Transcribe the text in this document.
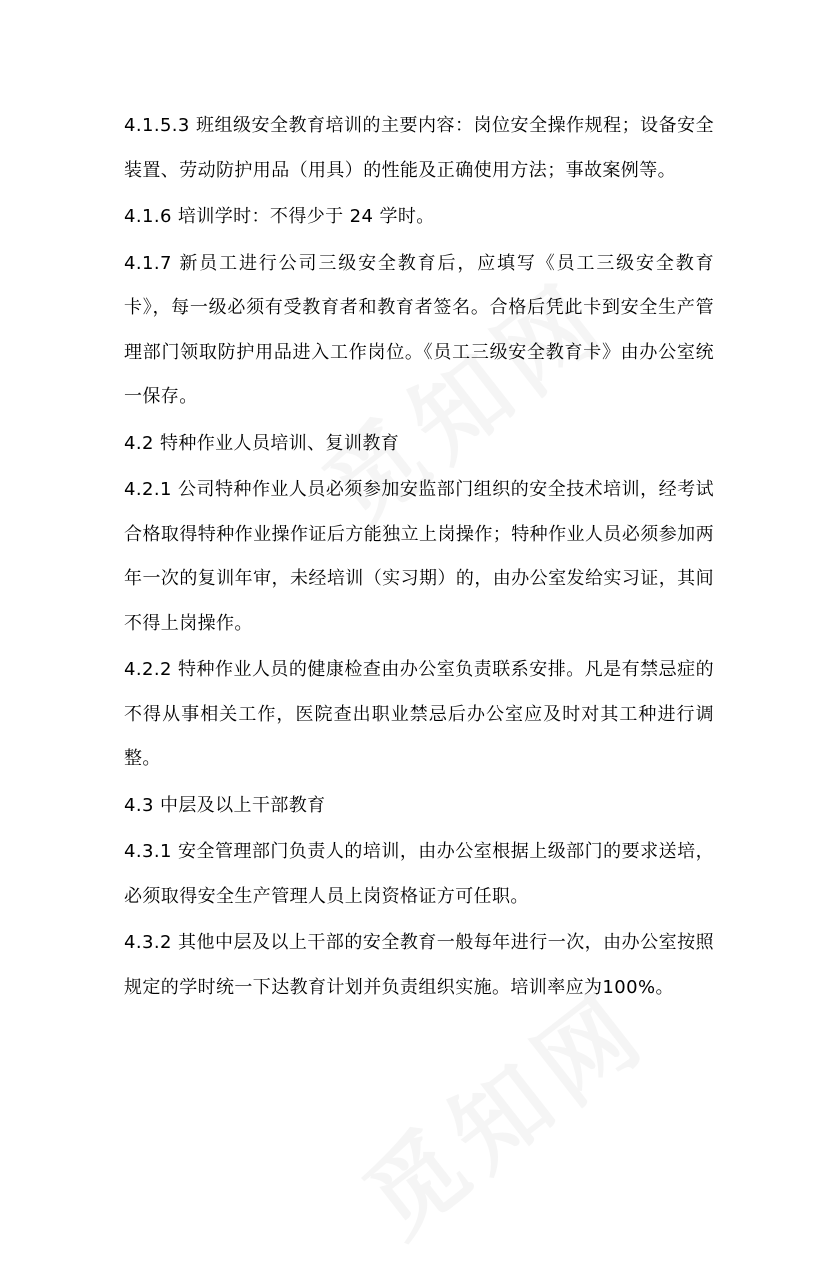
4.1.5.3 班组级安全教育培训的主要内容：岗位安全操作规程；设备安全装置、劳动防护用品（用具）的性能及正确使用方法；事故案例等。

4.1.6 培训学时：不得少于 24 学时。

4.1.7 新员工进行公司三级安全教育后，应填写《员工三级安全教育卡》，每一级必须有受教育者和教育者签名。合格后凭此卡到安全生产管理部门领取防护用品进入工作岗位。《员工三级安全教育卡》由办公室统一保存。

4.2 特种作业人员培训、复训教育

4.2.1 公司特种作业人员必须参加安监部门组织的安全技术培训，经考试合格取得特种作业操作证后方能独立上岗操作；特种作业人员必须参加两年一次的复训年审，未经培训（实习期）的，由办公室发给实习证，其间不得上岗操作。

4.2.2 特种作业人员的健康检查由办公室负责联系安排。凡是有禁忌症的不得从事相关工作，医院查出职业禁忌后办公室应及时对其工种进行调整。

4.3 中层及以上干部教育

4.3.1 安全管理部门负责人的培训，由办公室根据上级部门的要求送培，必须取得安全生产管理人员上岗资格证方可任职。

4.3.2 其他中层及以上干部的安全教育一般每年进行一次，由办公室按照规定的学时统一下达教育计划并负责组织实施。培训率应为100%。
